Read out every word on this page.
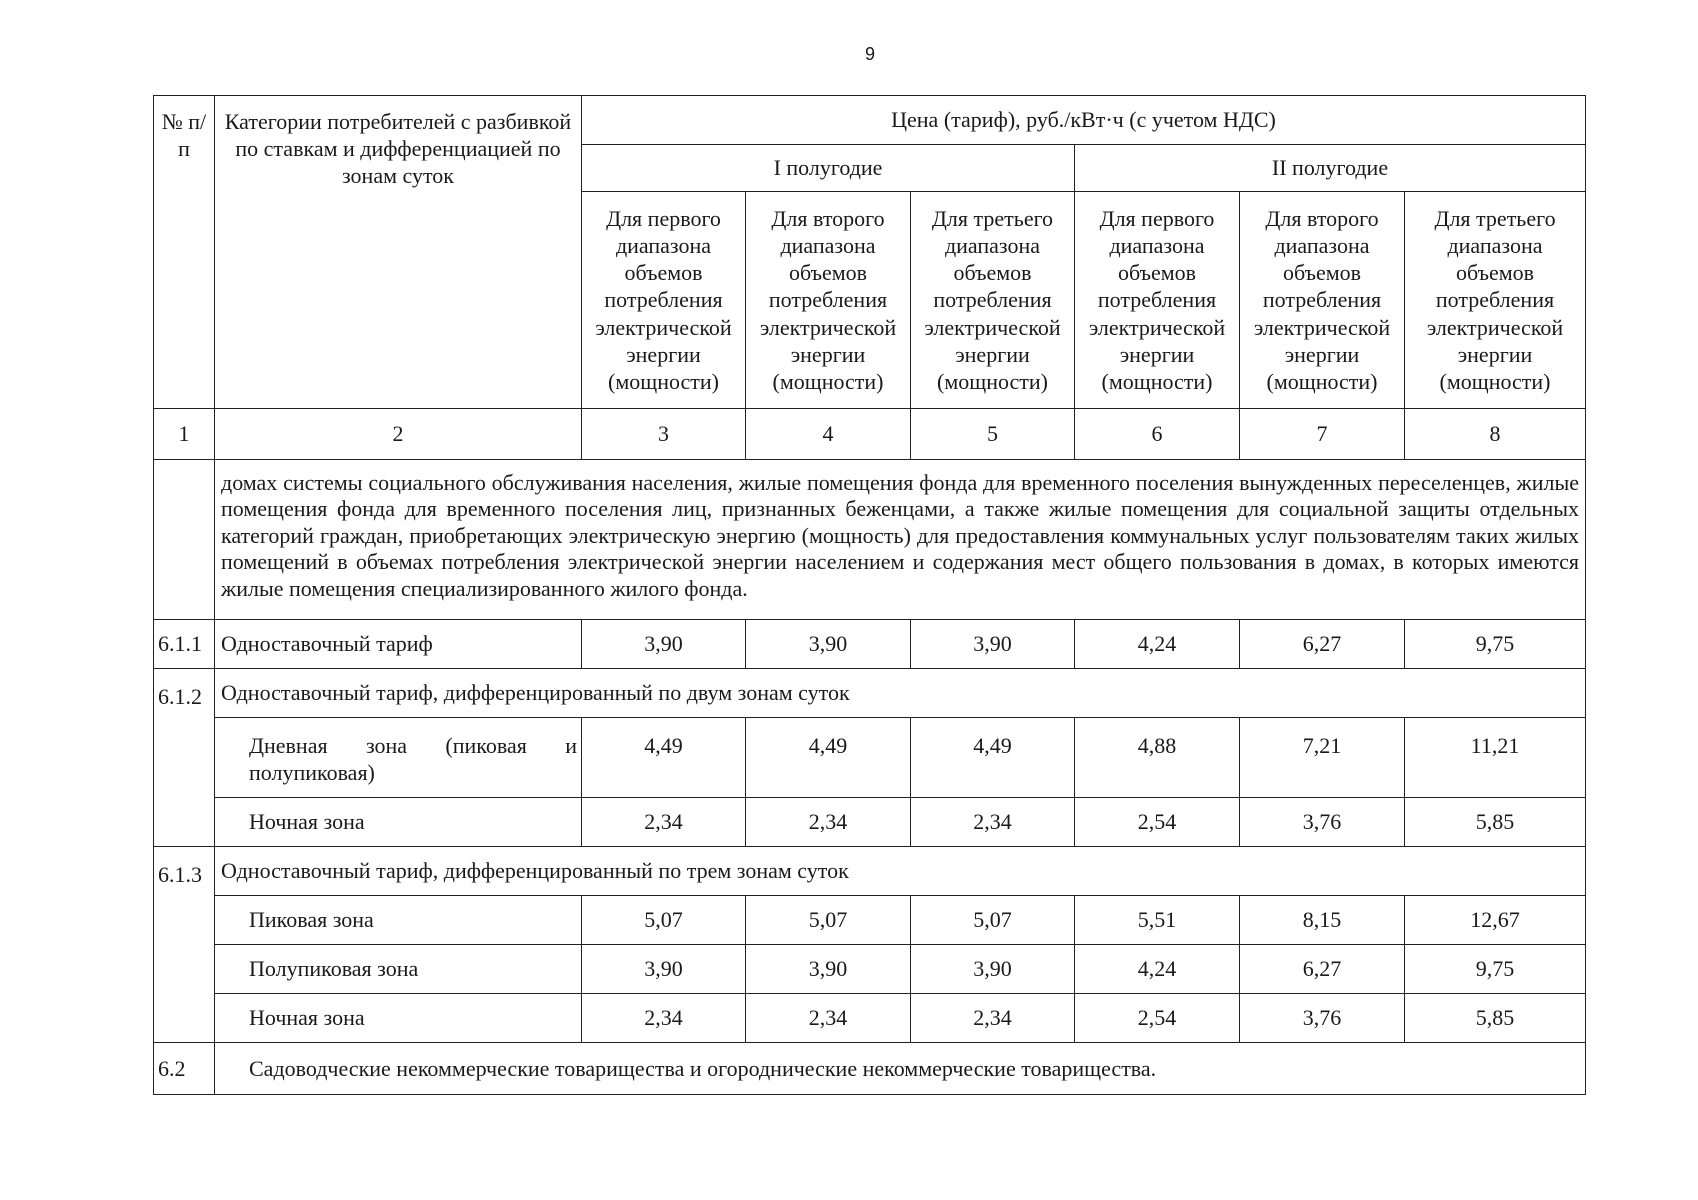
9
№ п/п	Категории потребителей с разбивкой по ставкам и дифференциацией по зонам суток	Цена (тариф), руб./кВт·ч (с учетом НДС)					
		I полугодие			II полугодие		
		Для первого диапазона объемов потребления электрической энергии (мощности)	Для второго диапазона объемов потребления электрической энергии (мощности)	Для третьего диапазона объемов потребления электрической энергии (мощности)	Для первого диапазона объемов потребления электрической энергии (мощности)	Для второго диапазона объемов потребления электрической энергии (мощности)	Для третьего диапазона объемов потребления электрической энергии (мощности)
1	2	3	4	5	6	7	8
	домах системы социального обслуживания населения, жилые помещения фонда для временного поселения вынужденных переселенцев, жилые помещения фонда для временного поселения лиц, признанных беженцами, а также жилые помещения для социальной защиты отдельных категорий граждан, приобретающих электрическую энергию (мощность) для предоставления коммунальных услуг пользователям таких жилых помещений в объемах потребления электрической энергии населением и содержания мест общего пользования в домах, в которых имеются жилые помещения специализированного жилого фонда.						
6.1.1	Одноставочный тариф	3,90	3,90	3,90	4,24	6,27	9,75
6.1.2	Одноставочный тариф, дифференцированный по двум зонам суток						

	Дневная зона (пиковая и полупиковая)	4,49	4,49	4,49	4,88	7,21	11,21
	Ночная зона	2,34	2,34	2,34	2,54	3,76	5,85
6.1.3	Одноставочный тариф, дифференцированный по трем зонам суток						
	Пиковая зона	5,07	5,07	5,07	5,51	8,15	12,67
	Полупиковая зона	3,90	3,90	3,90	4,24	6,27	9,75
	Ночная зона	2,34	2,34	2,34	2,54	3,76	5,85
6.2	Садоводческие некоммерческие товарищества и огороднические некоммерческие товарищества.						
